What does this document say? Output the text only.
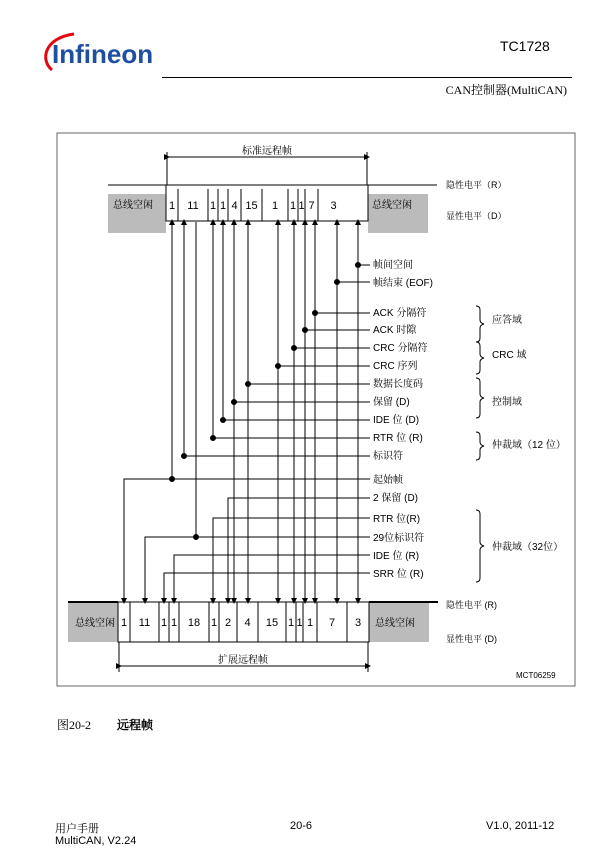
Infineon	TC1728
CAN控制器(MultiCAN)
标准远程帧
总线空闲	总线空闲
1 11 1 1 4 15 1 1 1 7 3
隐性电平（R）
显性电平（D）
帧间空间
帧结束 (EOF)
ACK 分隔符
ACK 时隙
CRC 分隔符
CRC 序列
数据长度码
保留 (D)
IDE 位 (D)
RTR 位 (R)
标识符
起始帧
2 保留 (D)
RTR 位(R)
29位标识符
IDE 位 (R)
SRR 位 (R)
应答域
CRC 域
控制域
仲裁域（12 位）
仲裁域（32位）
总线空闲	总线空闲
1 11 1 1 18 1 2 4 15 1 1 1 7 3
隐性电平 (R)
显性电平 (D)
扩展远程帧
MCT06259
图20-2 远程帧
用户手册
MultiCAN, V2.24
20-6	V1.0, 2011-12
